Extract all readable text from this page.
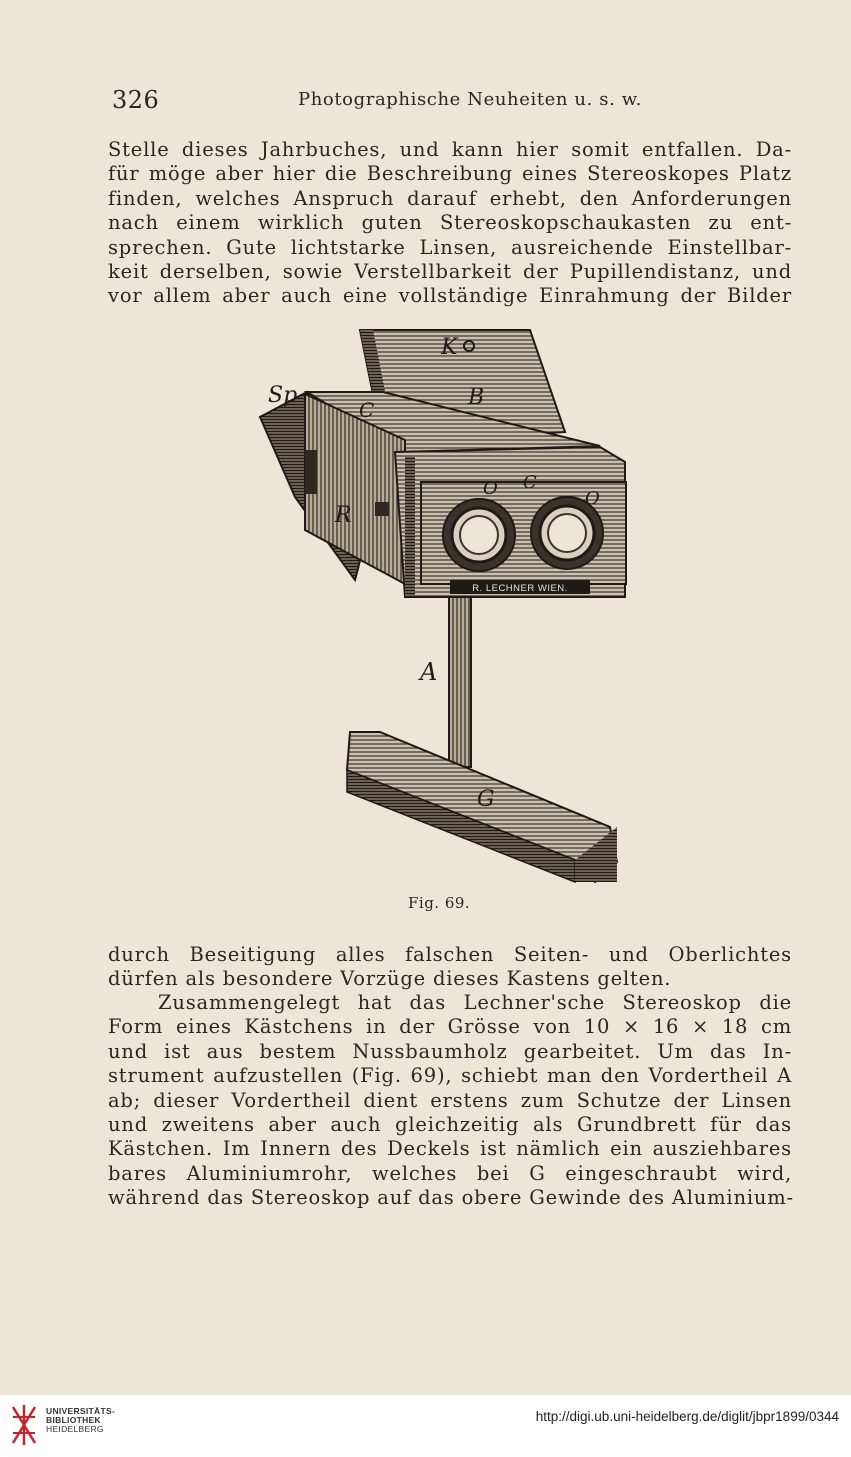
326	Photographische Neuheiten u. s. w.
Stelle dieses Jahrbuches, und kann hier somit entfallen. Da-
für möge aber hier die Beschreibung eines Stereoskopes Platz
finden, welches Anspruch darauf erhebt, den Anforderungen
nach einem wirklich guten Stereoskopschaukasten zu ent-
sprechen. Gute lichtstarke Linsen, ausreichende Einstellbar-
keit derselben, sowie Verstellbarkeit der Pupillendistanz, und
vor allem aber auch eine vollständige Einrahmung der Bilder
R. LECHNER WIEN.
K
B
Sp
C
R
O C
O
A
G
Fig. 69.
durch Beseitigung alles falschen Seiten- und Oberlichtes
dürfen als besondere Vorzüge dieses Kastens gelten.
Zusammengelegt hat das Lechner'sche Stereoskop die
Form eines Kästchens in der Grösse von 10 × 16 × 18 cm
und ist aus bestem Nussbaumholz gearbeitet. Um das In-
strument aufzustellen (Fig. 69), schiebt man den Vordertheil A
ab; dieser Vordertheil dient erstens zum Schutze der Linsen
und zweitens aber auch gleichzeitig als Grundbrett für das
Kästchen. Im Innern des Deckels ist nämlich ein ausziehbares
bares Aluminiumrohr, welches bei G eingeschraubt wird,
während das Stereoskop auf das obere Gewinde des Aluminium-
UNIVERSITÄTS-
BIBLIOTHEK
HEIDELBERG
http://digi.ub.uni-heidelberg.de/diglit/jbpr1899/0344
